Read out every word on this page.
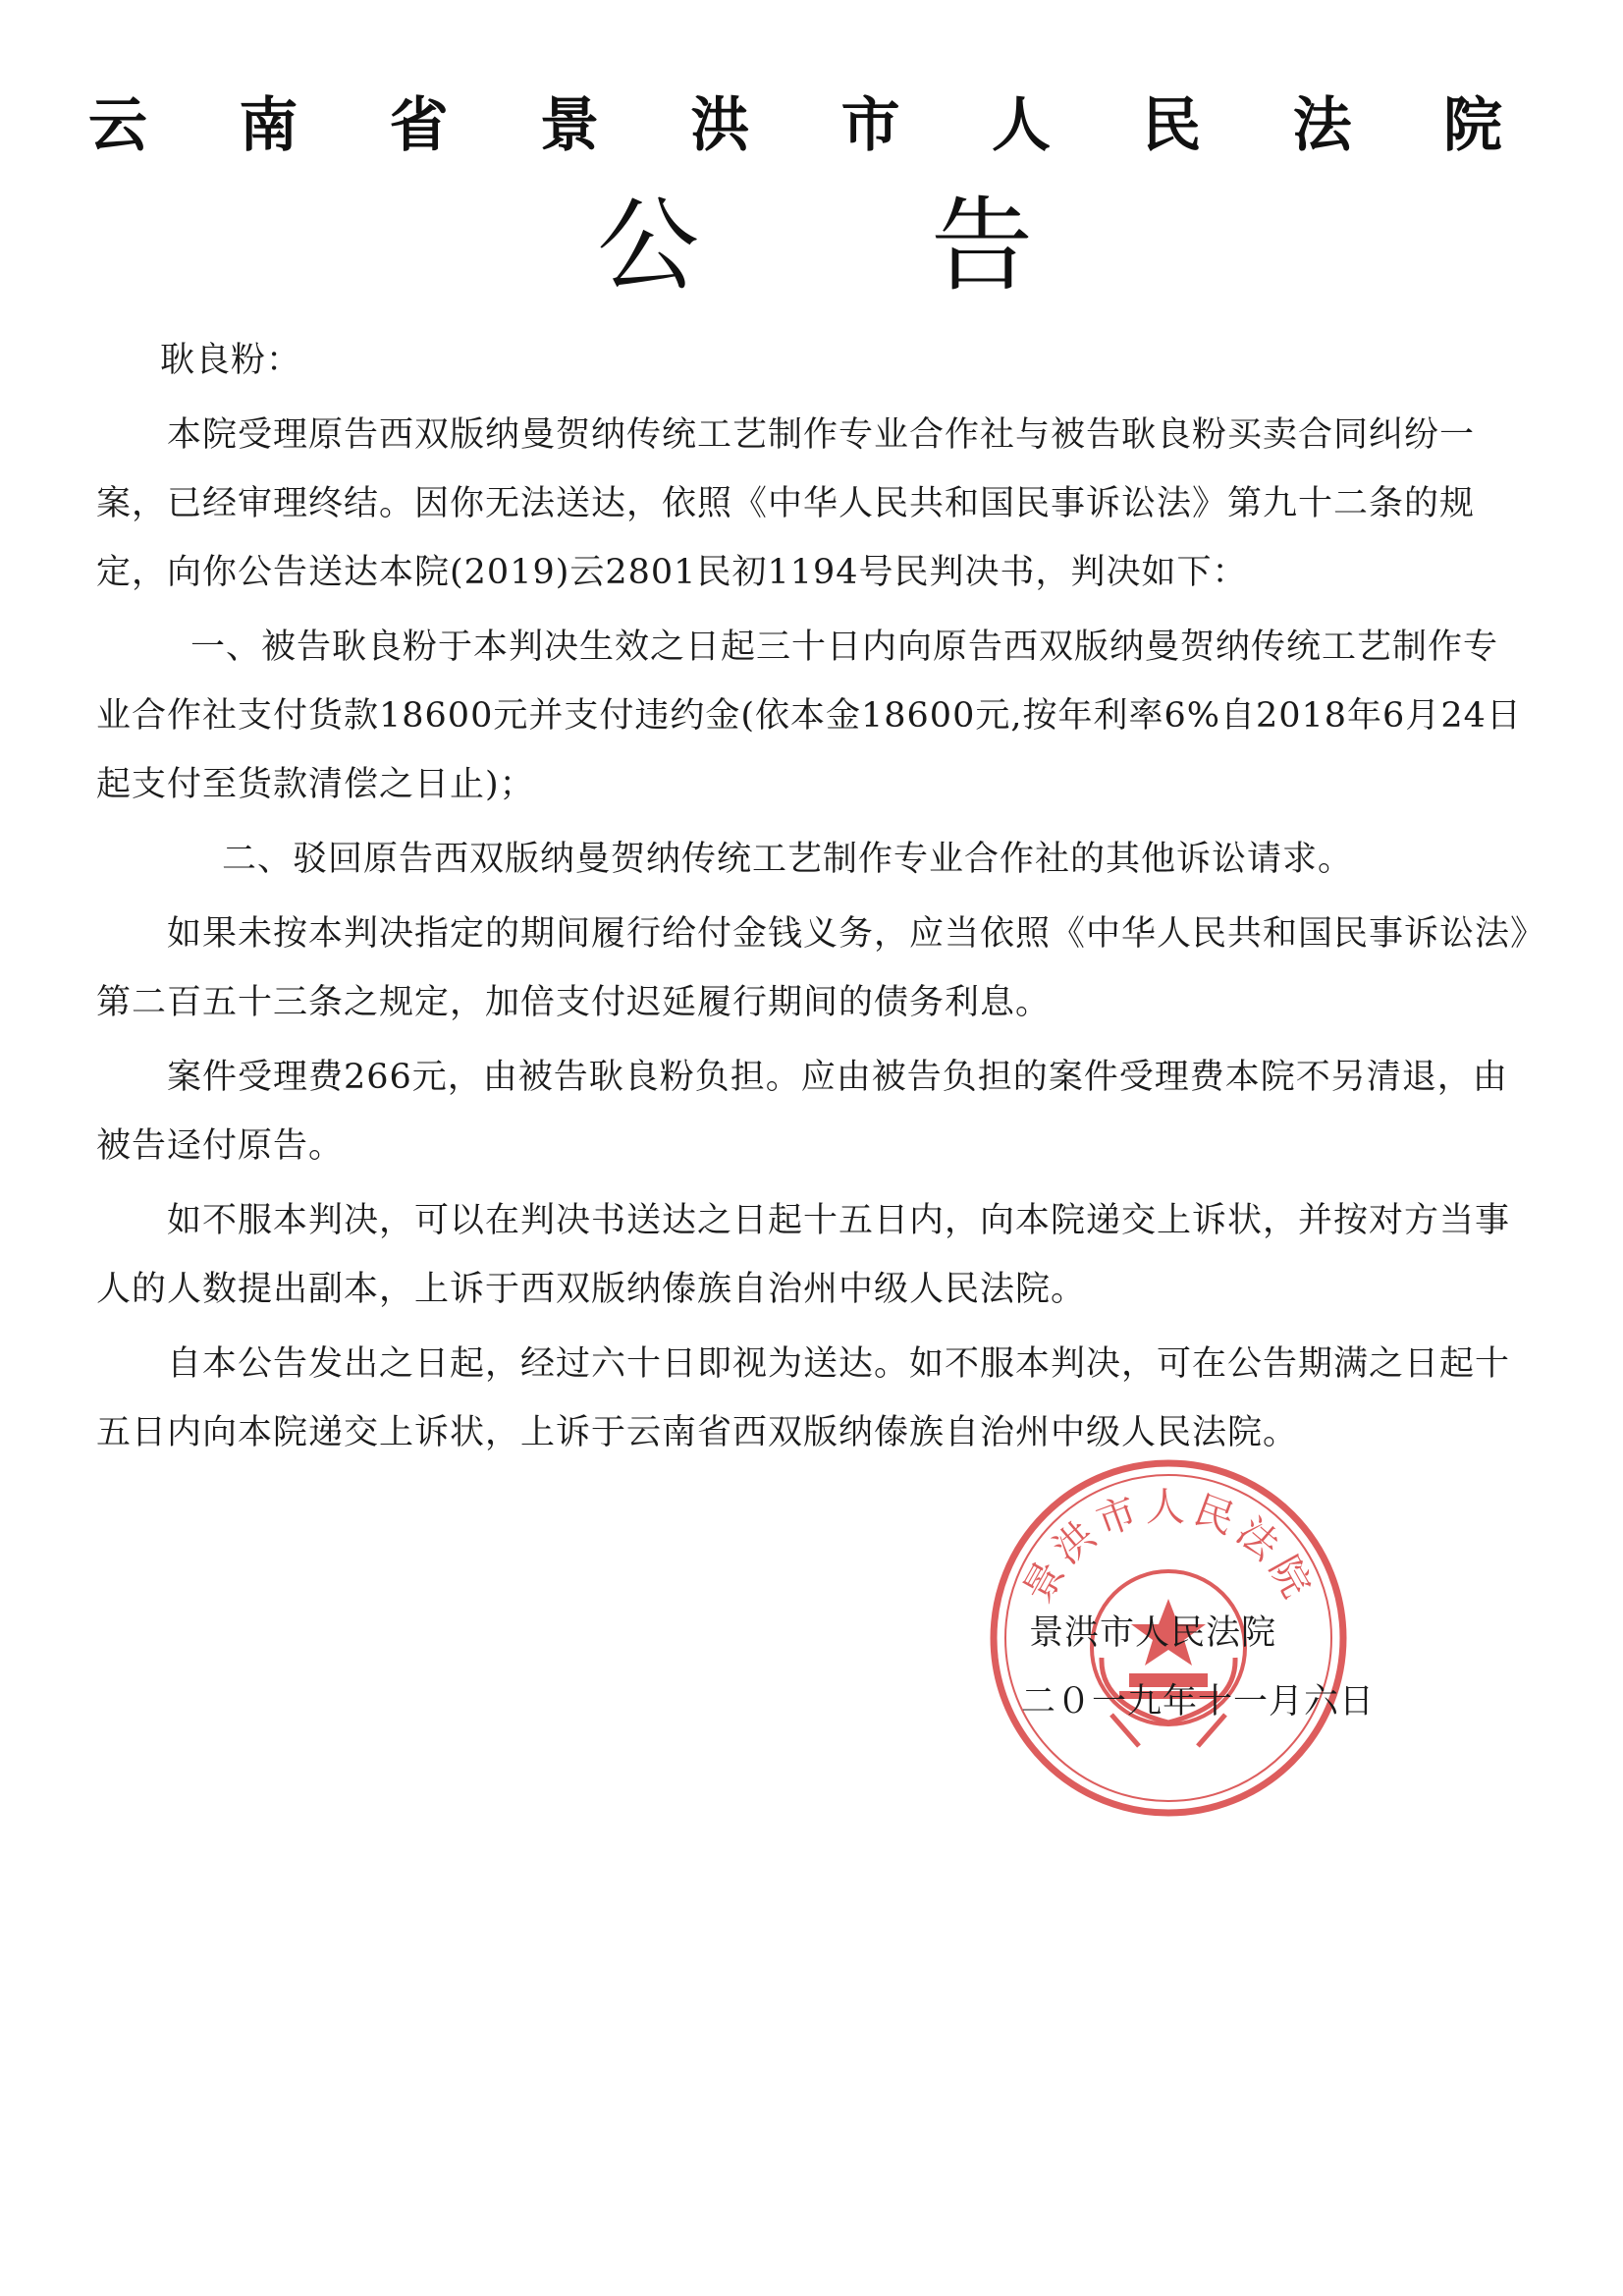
云 南 省 景 洪 市 人 民 法 院
公 告

耿良粉：

本院受理原告西双版纳曼贺纳传统工艺制作专业合作社与被告耿良粉买卖合同纠纷一案，已经审理终结。因你无法送达，依照《中华人民共和国民事诉讼法》第九十二条的规定，向你公告送达本院(2019)云2801民初1194号民判决书，判决如下：

一、被告耿良粉于本判决生效之日起三十日内向原告西双版纳曼贺纳传统工艺制作专业合作社支付货款18600元并支付违约金(依本金18600元,按年利率6%自2018年6月24日起支付至货款清偿之日止)；

二、驳回原告西双版纳曼贺纳传统工艺制作专业合作社的其他诉讼请求。

如果未按本判决指定的期间履行给付金钱义务，应当依照《中华人民共和国民事诉讼法》第二百五十三条之规定，加倍支付迟延履行期间的债务利息。

案件受理费266元，由被告耿良粉负担。应由被告负担的案件受理费本院不另清退，由被告迳付原告。

如不服本判决，可以在判决书送达之日起十五日内，向本院递交上诉状，并按对方当事人的人数提出副本，上诉于西双版纳傣族自治州中级人民法院。

自本公告发出之日起，经过六十日即视为送达。如不服本判决，可在公告期满之日起十五日内向本院递交上诉状，上诉于云南省西双版纳傣族自治州中级人民法院。

景洪市人民法院
景洪市人民法院
二０一九年十一月六日
